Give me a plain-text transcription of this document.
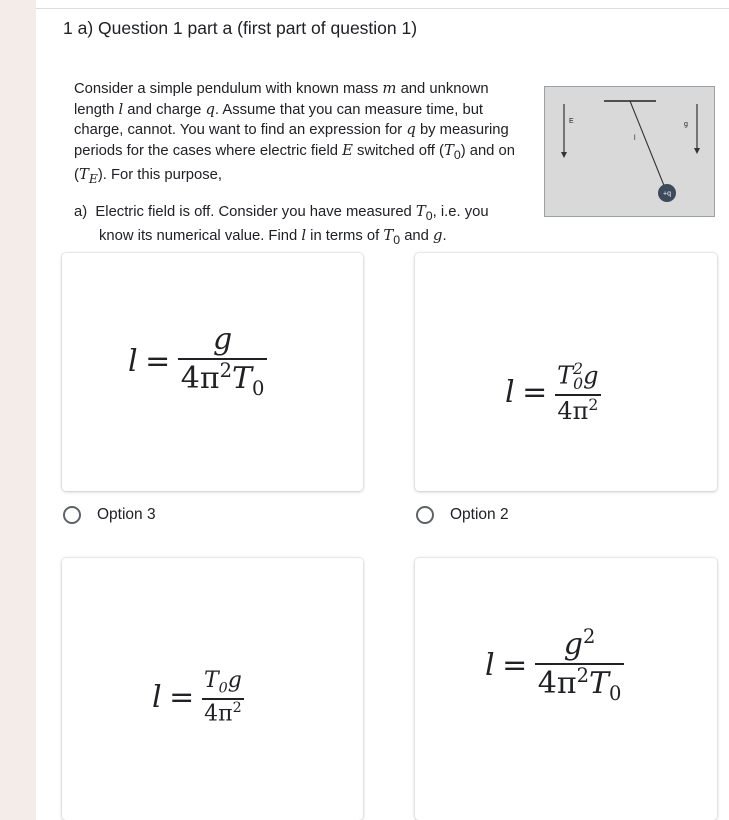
1 a) Question 1 part a (first part of question 1)

Consider a simple pendulum with known mass m and unknown length l and charge q. Assume that you can measure time, but charge, cannot. You want to find an expression for q by measuring periods for the cases where electric field E switched off $(T_0)$ and on $(T_E)$. For this purpose,

a) Electric field is off. Consider you have measured $T_0$, i.e. you know its numerical value. Find l in terms of $T_0$ and g.

E	g
l
+q
$l = \frac{g}{4\pi^2T_0}$	l = T 2
0 g
$4\pi^2$
Option 3	Option 2
$l = \frac{T_0g}{4\pi^2}$
$l = \frac{g^2}{4\pi^2T_0}$
